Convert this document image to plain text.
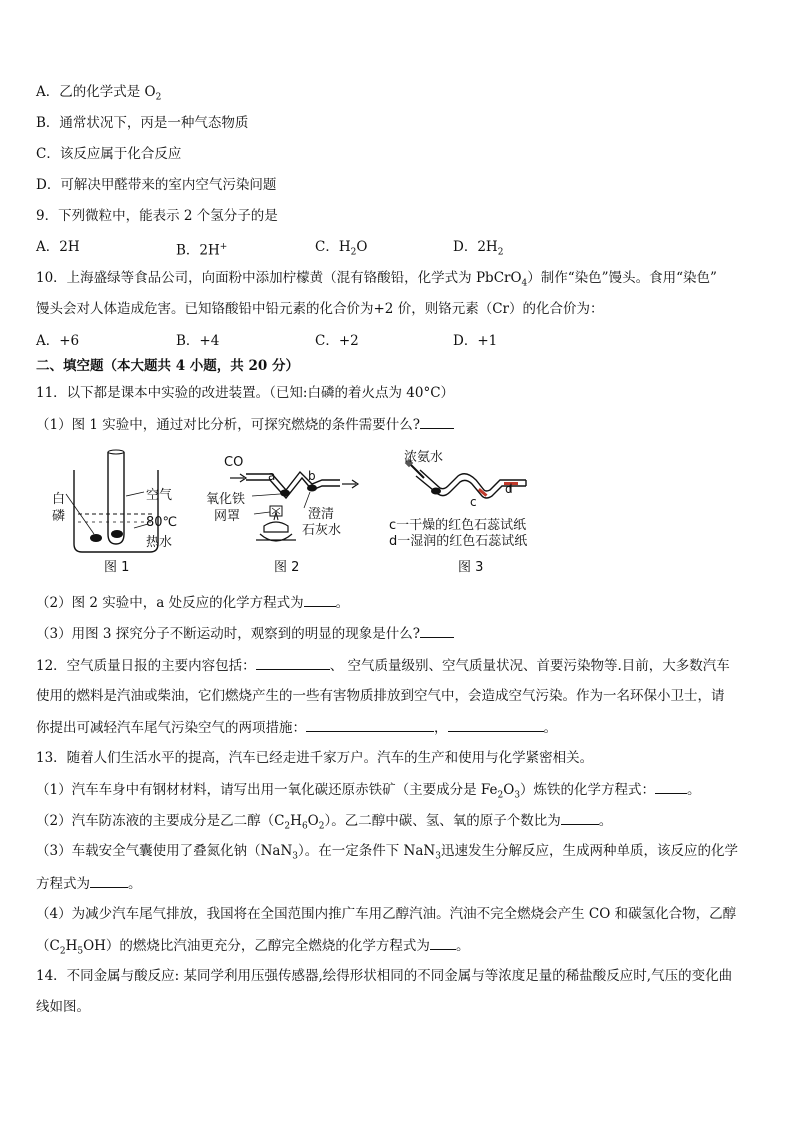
A．乙的化学式是 $O_2$
B．通常状况下，丙是一种气态物质
C．该反应属于化合反应
D．可解决甲醛带来的室内空气污染问题
9．下列微粒中，能表示 2 个氢分子的是
A．2H	B．2H+	C．$H_2O$	D．$2H_2$
10．上海盛绿等食品公司，向面粉中添加柠檬黄（混有铬酸铅，化学式为 PbCrO$_4$）制作“染色”馒头。食用“染色”
馒头会对人体造成危害。已知铬酸铅中铅元素的化合价为+2 价，则铬元素（Cr）的化合价为：
A．+6	B．+4	C．+2	D．+1
二、填空题（本大题共 4 小题，共 20 分）
11．以下都是课本中实验的改进装置。（已知:白磷的着火点为 40°C）
（1）图 1 实验中，通过对比分析，可探究燃烧的条件需要什么?
白
磷
空气
80℃
热水
图 1
CO
a	b
氧化铁
网罩	澄清
石灰水
图 2
浓氨水
c
d
c一干燥的红色石蕊试纸
d一湿润的红色石蕊试纸
图 3
（2）图 2 实验中，a 处反应的化学方程式为 。
（3）用图 3 探究分子不断运动时，观察到的明显的现象是什么?
12．空气质量日报的主要内容包括：	、 空气质量级别、空气质量状况、首要污染物等.目前，大多数汽车
使用的燃料是汽油或柴油，它们燃烧产生的一些有害物质排放到空气中，会造成空气污染。作为一名环保小卫士，请
你提出可减轻汽车尾气污染空气的两项措施：	，	。
13．随着人们生活水平的提高，汽车已经走进千家万户。汽车的生产和使用与化学紧密相关。
（1）汽车车身中有钢材材料，请写出用一氧化碳还原赤铁矿（主要成分是 $Fe_2O_3$）炼铁的化学方程式： 。
（2）汽车防冻液的主要成分是乙二醇$(C_2H_6O_2)$。乙二醇中碳、氢、氧的原子个数比为	。
（3）车载安全气囊使用了叠氮化钠（NaN$_3$）。在一定条件下 NaN$_3$迅速发生分解反应，生成两种单质，该反应的化学
方程式为	。
（4）为减少汽车尾气排放，我国将在全国范围内推广车用乙醇汽油。汽油不完全燃烧会产生 CO 和碳氢化合物，乙醇
$(C_2H_5OH)$的燃烧比汽油更充分，乙醇完全燃烧的化学方程式为 。
14．不同金属与酸反应: 某同学利用压强传感器,绘得形状相同的不同金属与等浓度足量的稀盐酸反应时,气压的变化曲
线如图。
